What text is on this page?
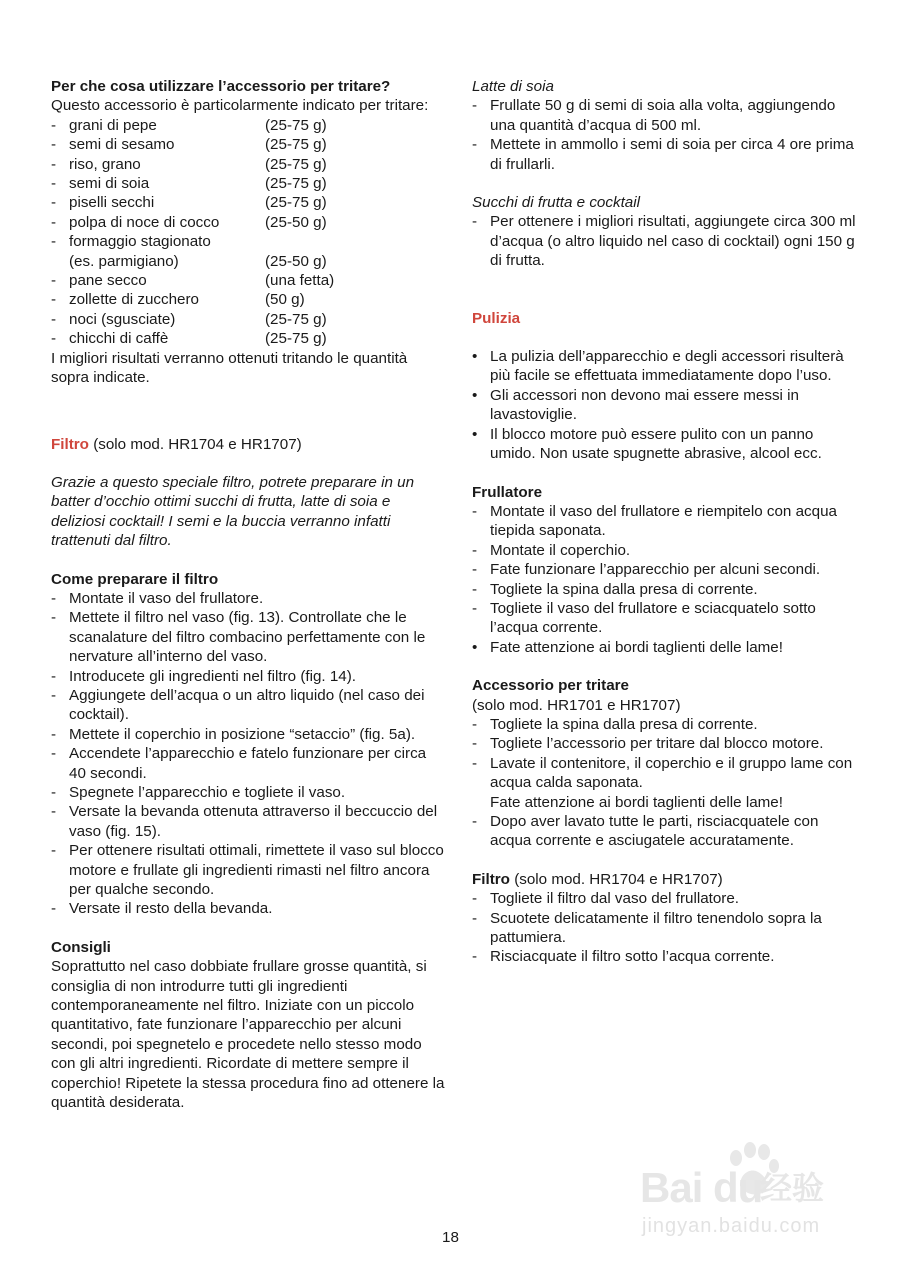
Per che cosa utilizzare l’accessorio per tritare?

Questo accessorio è particolarmente indicato per tritare:

- grani di pepe	(25-75 g)
- semi di sesamo	(25-75 g)
- riso, grano	(25-75 g)
- semi di soia	(25-75 g)
- piselli secchi	(25-75 g)
- polpa di noce di cocco	(25-50 g)
- formaggio stagionato
(es. parmigiano)	(25-50 g)
- pane secco	(una fetta)
- zollette di zucchero	(50 g)
- noci (sgusciate)	(25-75 g)
- chicchi di caffè	(25-75 g)

I migliori risultati verranno ottenuti tritando le quantità sopra indicate.

Filtro (solo mod. HR1704 e HR1707)

Grazie a questo speciale filtro, potrete preparare in un batter d’occhio ottimi succhi di frutta, latte di soia e deliziosi cocktail! I semi e la buccia verranno infatti trattenuti dal filtro.

Come preparare il filtro

- Montate il vaso del frullatore.
- Mettete il filtro nel vaso (fig. 13). Controllate che le scanalature del filtro combacino perfettamente con le nervature all’interno del vaso.
- Introducete gli ingredienti nel filtro (fig. 14).
- Aggiungete dell’acqua o un altro liquido (nel caso dei cocktail).
- Mettete il coperchio in posizione “setaccio” (fig. 5a).
- Accendete l’apparecchio e fatelo funzionare per circa 40 secondi.
- Spegnete l’apparecchio e togliete il vaso.
- Versate la bevanda ottenuta attraverso il beccuccio del vaso (fig. 15).
- Per ottenere risultati ottimali, rimettete il vaso sul blocco motore e frullate gli ingredienti rimasti nel filtro ancora per qualche secondo.
- Versate il resto della bevanda.

Consigli

Soprattutto nel caso dobbiate frullare grosse quantità, si consiglia di non introdurre tutti gli ingredienti contemporaneamente nel filtro. Iniziate con un piccolo quantitativo, fate funzionare l’apparecchio per alcuni secondi, poi spegnetelo e procedete nello stesso modo con gli altri ingredienti. Ricordate di mettere sempre il coperchio! Ripetete la stessa procedura fino ad ottenere la quantità desiderata.

Latte di soia

- Frullate 50 g di semi di soia alla volta, aggiungendo una quantità d’acqua di 500 ml.
- Mettete in ammollo i semi di soia per circa 4 ore prima di frullarli.

Succhi di frutta e cocktail

- Per ottenere i migliori risultati, aggiungete circa 300 ml d’acqua (o altro liquido nel caso di cocktail) ogni 150 g di frutta.

Pulizia

• La pulizia dell’apparecchio e degli accessori risulterà più facile se effettuata immediatamente dopo l’uso.
• Gli accessori non devono mai essere messi in lavastoviglie.
• Il blocco motore può essere pulito con un panno umido. Non usate spugnette abrasive, alcool ecc.

Frullatore

- Montate il vaso del frullatore e riempitelo con acqua tiepida saponata.
- Montate il coperchio.
- Fate funzionare l’apparecchio per alcuni secondi.
- Togliete la spina dalla presa di corrente.
- Togliete il vaso del frullatore e sciacquatelo sotto l’acqua corrente.
• Fate attenzione ai bordi taglienti delle lame!

Accessorio per tritare

(solo mod. HR1701 e HR1707)

- Togliete la spina dalla presa di corrente.
- Togliete l’accessorio per tritare dal blocco motore.
- Lavate il contenitore, il coperchio e il gruppo lame con acqua calda saponata.
Fate attenzione ai bordi taglienti delle lame!
- Dopo aver lavato tutte le parti, risciacquatele con acqua corrente e asciugatele accuratamente.

Filtro (solo mod. HR1704 e HR1707)

- Togliete il filtro dal vaso del frullatore.
- Scuotete delicatamente il filtro tenendolo sopra la pattumiera.
- Risciacquate il filtro sotto l’acqua corrente.
Bai du
经验
jingyan.baidu.com
18
